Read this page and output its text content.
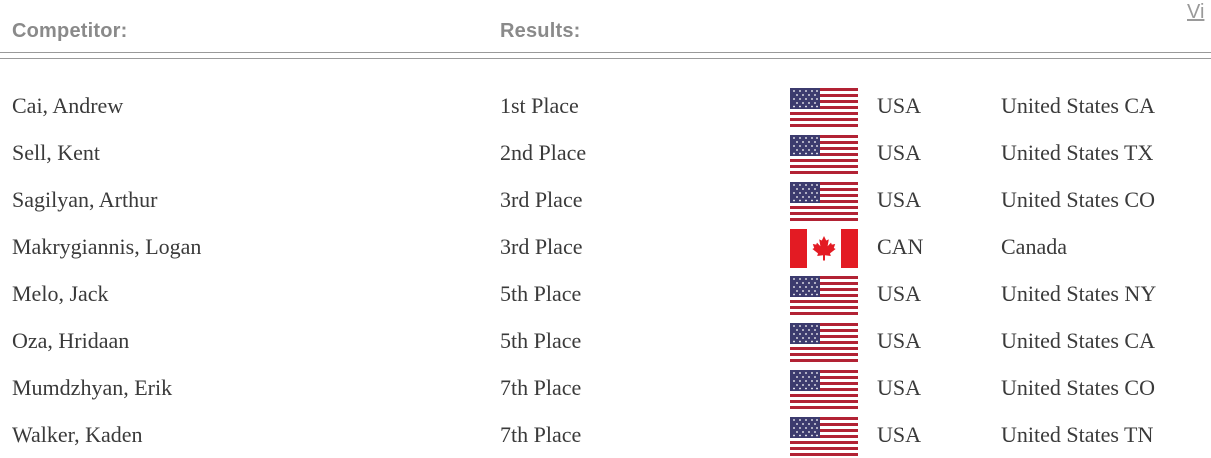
Competitor:	Results:
Vi
Cai, Andrew	1st Place	USA	United States CA
Sell, Kent	2nd Place	USA	United States TX
Sagilyan, Arthur	3rd Place	USA	United States CO
Makrygiannis, Logan	3rd Place	CAN	Canada
Melo, Jack	5th Place	USA	United States NY
Oza, Hridaan	5th Place	USA	United States CA
Mumdzhyan, Erik	7th Place	USA	United States CO
Walker, Kaden	7th Place	USA	United States TN
